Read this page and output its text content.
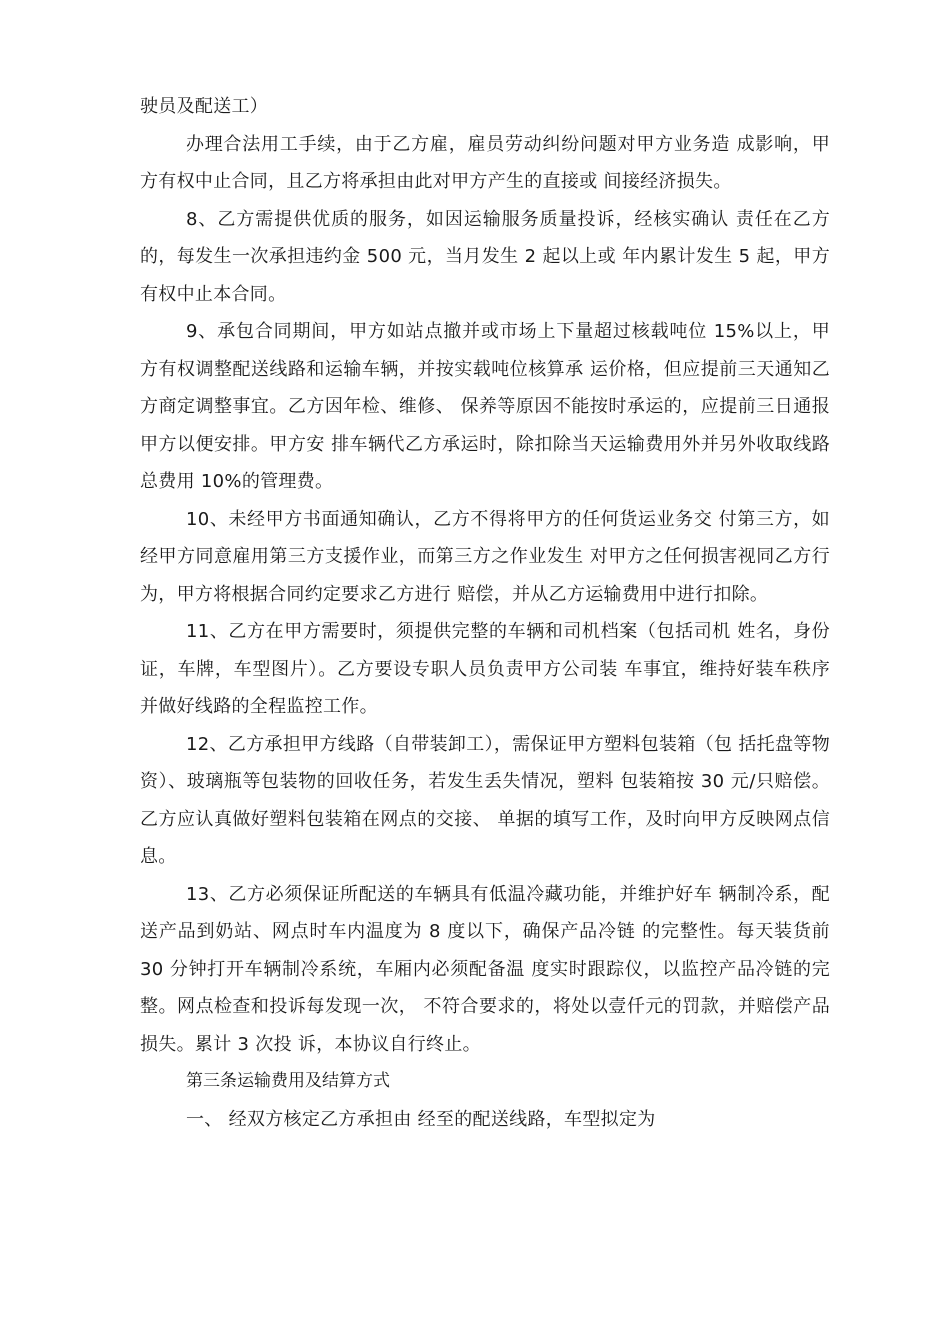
驶员及配送工）

办理合法用工手续，由于乙方雇，雇员劳动纠纷问题对甲方业务造 成影响，甲方有权中止合同，且乙方将承担由此对甲方产生的直接或 间接经济损失。

8、乙方需提供优质的服务，如因运输服务质量投诉，经核实确认 责任在乙方的，每发生一次承担违约金 500 元，当月发生 2 起以上或 年内累计发生 5 起，甲方有权中止本合同。

9、承包合同期间，甲方如站点撤并或市场上下量超过核载吨位 15%以上，甲方有权调整配送线路和运输车辆，并按实载吨位核算承 运价格，但应提前三天通知乙方商定调整事宜。乙方因年检、维修、 保养等原因不能按时承运的，应提前三日通报甲方以便安排。甲方安 排车辆代乙方承运时，除扣除当天运输费用外并另外收取线路总费用 10%的管理费。

10、未经甲方书面通知确认，乙方不得将甲方的任何货运业务交 付第三方，如经甲方同意雇用第三方支援作业，而第三方之作业发生 对甲方之任何损害视同乙方行为，甲方将根据合同约定要求乙方进行 赔偿，并从乙方运输费用中进行扣除。

11、乙方在甲方需要时，须提供完整的车辆和司机档案（包括司机 姓名，身份证，车牌，车型图片）。乙方要设专职人员负责甲方公司装 车事宜，维持好装车秩序并做好线路的全程监控工作。

12、乙方承担甲方线路（自带装卸工），需保证甲方塑料包装箱（包 括托盘等物资）、玻璃瓶等包装物的回收任务，若发生丢失情况，塑料 包装箱按 30 元/只赔偿。乙方应认真做好塑料包装箱在网点的交接、 单据的填写工作，及时向甲方反映网点信息。

13、乙方必须保证所配送的车辆具有低温冷藏功能，并维护好车 辆制冷系，配送产品到奶站、网点时车内温度为 8 度以下，确保产品冷链 的完整性。每天装货前 30 分钟打开车辆制冷系统，车厢内必须配备温 度实时跟踪仪，以监控产品冷链的完整。网点检查和投诉每发现一次， 不符合要求的，将处以壹仟元的罚款，并赔偿产品损失。累计 3 次投 诉，本协议自行终止。

第三条运输费用及结算方式

一、 经双方核定乙方承担由 经至的配送线路，车型拟定为
